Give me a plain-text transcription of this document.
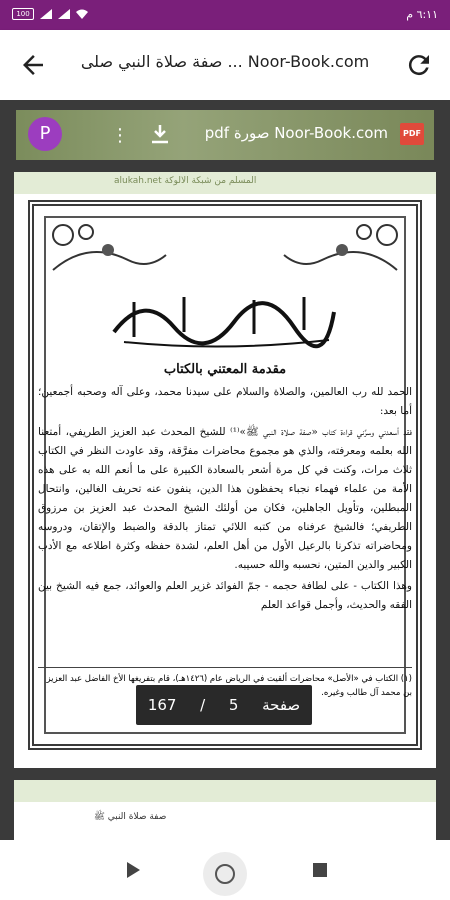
100	٦:١١ م
صفة صلاة النبي صلى ... Noor-Book.com
P	⋮	Noor-Book.com صورة pdf	PDF
المسلم من شبكة الالوكة alukah.net
مقدمة المعتني بالكتاب

الحمد لله رب العالمين، والصلاة والسلام على سيدنا محمد، وعلى آله وصحبه أجمعين؛ أما بعد:

فقد أسعدني وسرَّني قراءة كتاب «صفة صلاة النبي ﷺ»⁽¹⁾ للشيخ المحدث عبد العزيز الطريفي، أمتعنا الله بعلمه ومعرفته، والذي هو مجموع محاضرات مفرَّقة، وقد عاودت النظر في الكتاب ثلاث مرات، وكنت في كل مرة أشعر بالسعادة الكبيرة على ما أنعم الله به على هذه الأمة من علماء فهماء نجباء يحفظون هذا الدين، ينفون عنه تحريف الغالين، وانتحال المبطلين، وتأويل الجاهلين، فكان من أولئك الشيخ المحدث عبد العزيز بن مرزوق الطريفي؛ فالشيخ عرفناه من كتبه اللائي تمتاز بالدقة والضبط والإتقان، ودروسه ومحاضراته تذكرنا بالرعيل الأول من أهل العلم، لشدة حفظه وكثرة اطلاعه مع الأدب الكبير والدين المتين، نحسبه والله حسيبه.

وهذا الكتاب - على لطافة حجمه - جمّ الفوائد غزير العلم والعوائد، جمع فيه الشيخ بين الفقه والحديث، وأجمل قواعد العلم

(١) الكتاب في «الأصل» محاضرات ألقيت في الرياض عام (١٤٢٦هـ)، قام بتفريغها الأخ الفاضل عبد العزيز بن محمد آل طالب وغيره.
صفة صلاة النبي ﷺ
167 / 5 صفحة
